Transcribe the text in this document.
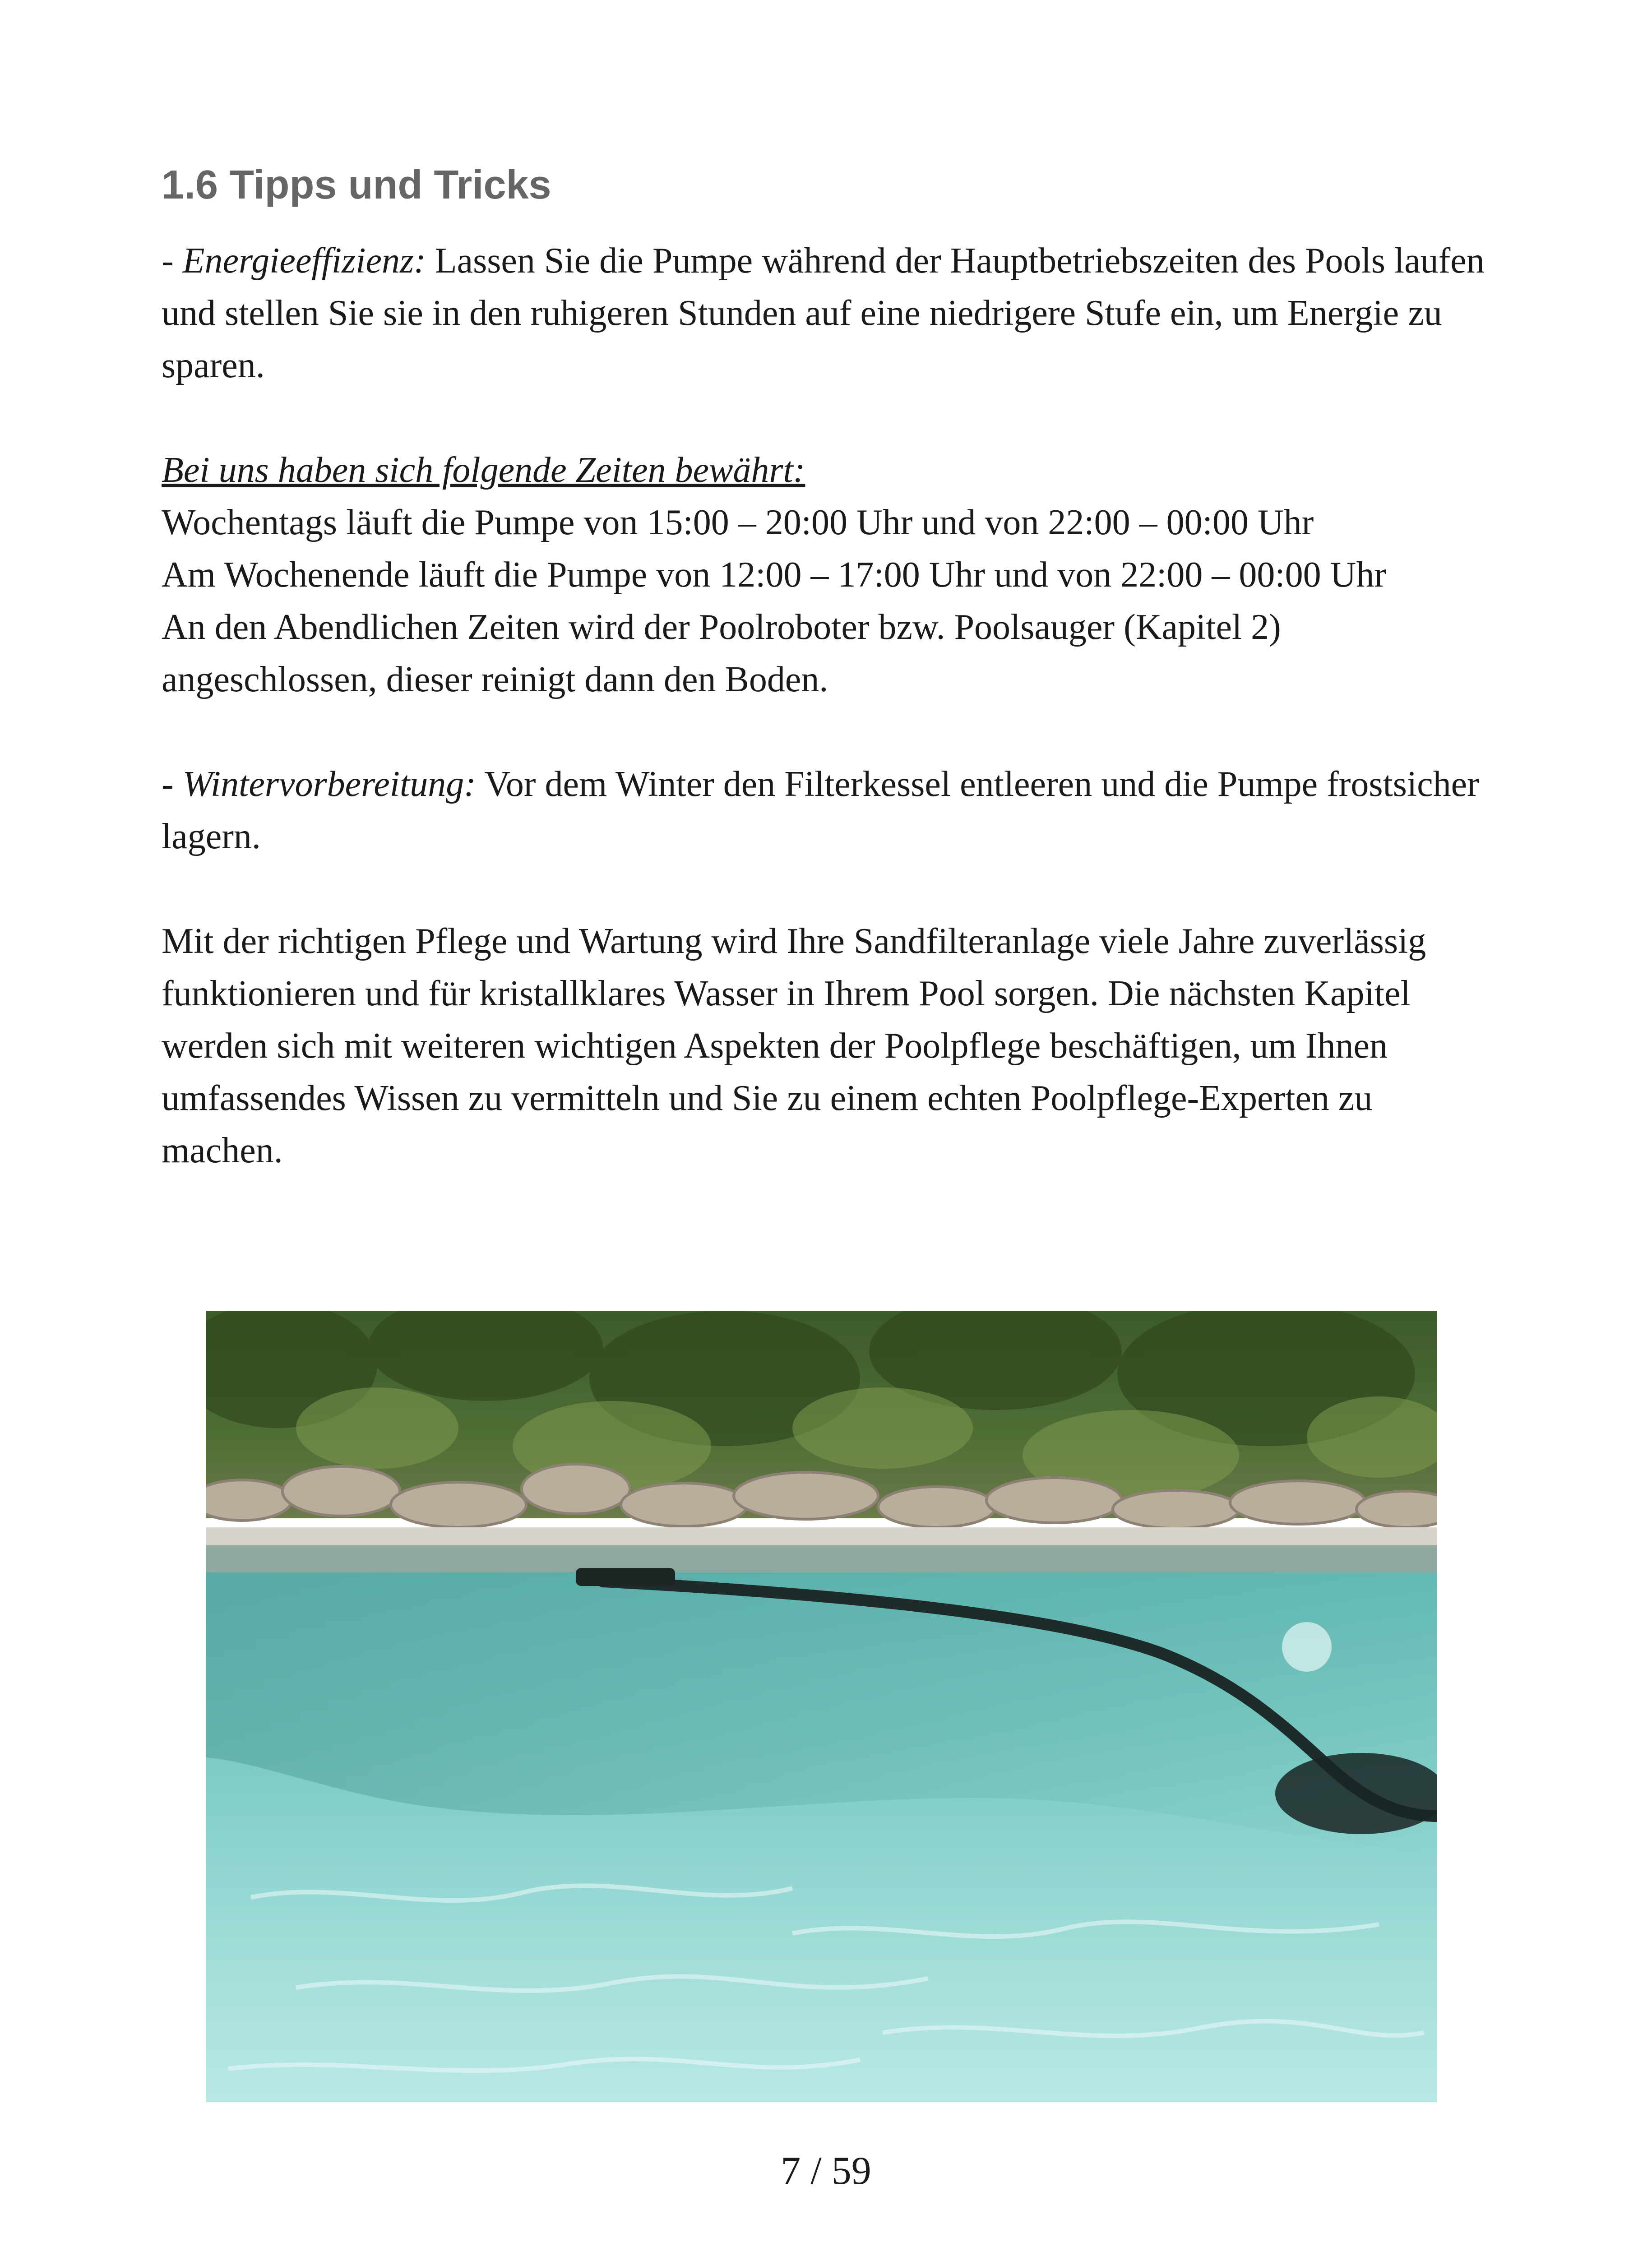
1.6 Tipps und Tricks

- Energieeffizienz: Lassen Sie die Pumpe während der Hauptbetriebszeiten des Pools laufen und stellen Sie sie in den ruhigeren Stunden auf eine niedrigere Stufe ein, um Energie zu sparen.

Bei uns haben sich folgende Zeiten bewährt:
Wochentags läuft die Pumpe von 15:00 – 20:00 Uhr und von 22:00 – 00:00 Uhr
Am Wochenende läuft die Pumpe von 12:00 – 17:00 Uhr und von 22:00 – 00:00 Uhr
An den Abendlichen Zeiten wird der Poolroboter bzw. Poolsauger (Kapitel 2) angeschlossen, dieser reinigt dann den Boden.

- Wintervorbereitung: Vor dem Winter den Filterkessel entleeren und die Pumpe frostsicher lagern.

Mit der richtigen Pflege und Wartung wird Ihre Sandfilteranlage viele Jahre zuverlässig funktionieren und für kristallklares Wasser in Ihrem Pool sorgen. Die nächsten Kapitel werden sich mit weiteren wichtigen Aspekten der Poolpflege beschäftigen, um Ihnen umfassendes Wissen zu vermitteln und Sie zu einem echten Poolpflege-Experten zu machen.

7 / 59
